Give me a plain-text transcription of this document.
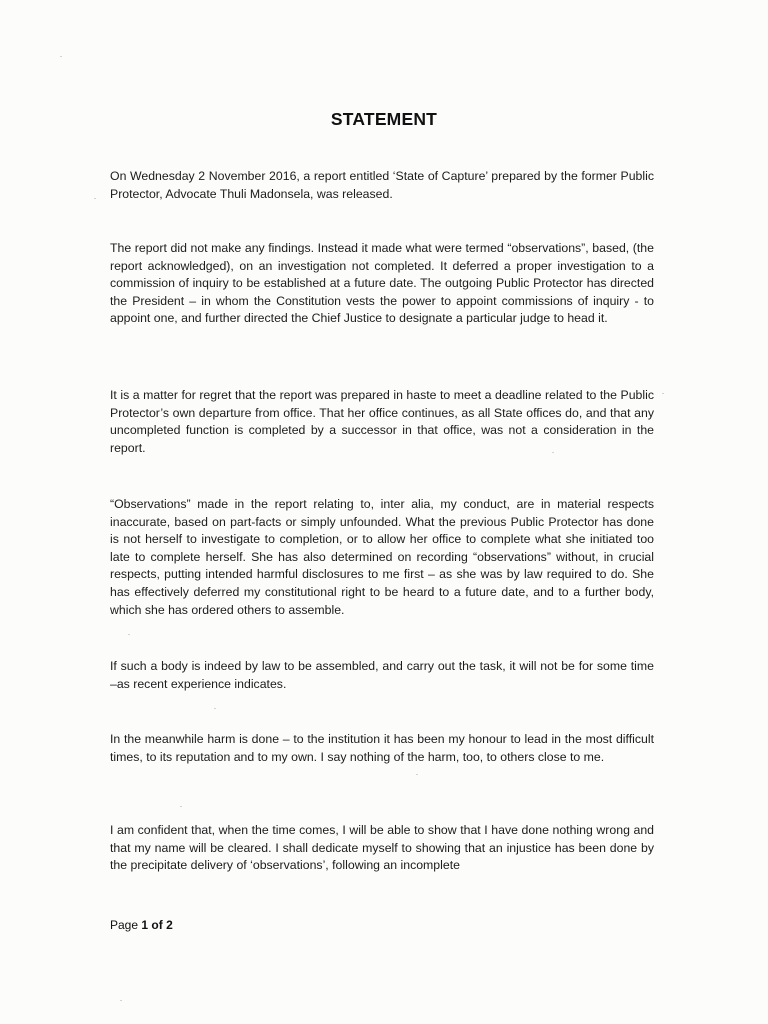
STATEMENT

On Wednesday 2 November 2016, a report entitled ‘State of Capture’ prepared by the former Public Protector, Advocate Thuli Madonsela, was released.

The report did not make any findings. Instead it made what were termed “observations”, based, (the report acknowledged), on an investigation not completed. It deferred a proper investigation to a commission of inquiry to be established at a future date. The outgoing Public Protector has directed the President – in whom the Constitution vests the power to appoint commissions of inquiry - to appoint one, and further directed the Chief Justice to designate a particular judge to head it.

It is a matter for regret that the report was prepared in haste to meet a deadline related to the Public Protector’s own departure from office. That her office continues, as all State offices do, and that any uncompleted function is completed by a successor in that office, was not a consideration in the report.

“Observations” made in the report relating to, inter alia, my conduct, are in material respects inaccurate, based on part-facts or simply unfounded. What the previous Public Protector has done is not herself to investigate to completion, or to allow her office to complete what she initiated too late to complete herself. She has also determined on recording “observations” without, in crucial respects, putting intended harmful disclosures to me first – as she was by law required to do. She has effectively deferred my constitutional right to be heard to a future date, and to a further body, which she has ordered others to assemble.

If such a body is indeed by law to be assembled, and carry out the task, it will not be for some time –as recent experience indicates.

In the meanwhile harm is done – to the institution it has been my honour to lead in the most difficult times, to its reputation and to my own. I say nothing of the harm, too, to others close to me.

I am confident that, when the time comes, I will be able to show that I have done nothing wrong and that my name will be cleared. I shall dedicate myself to showing that an injustice has been done by the precipitate delivery of ‘observations’, following an incomplete

Page 1 of 2
